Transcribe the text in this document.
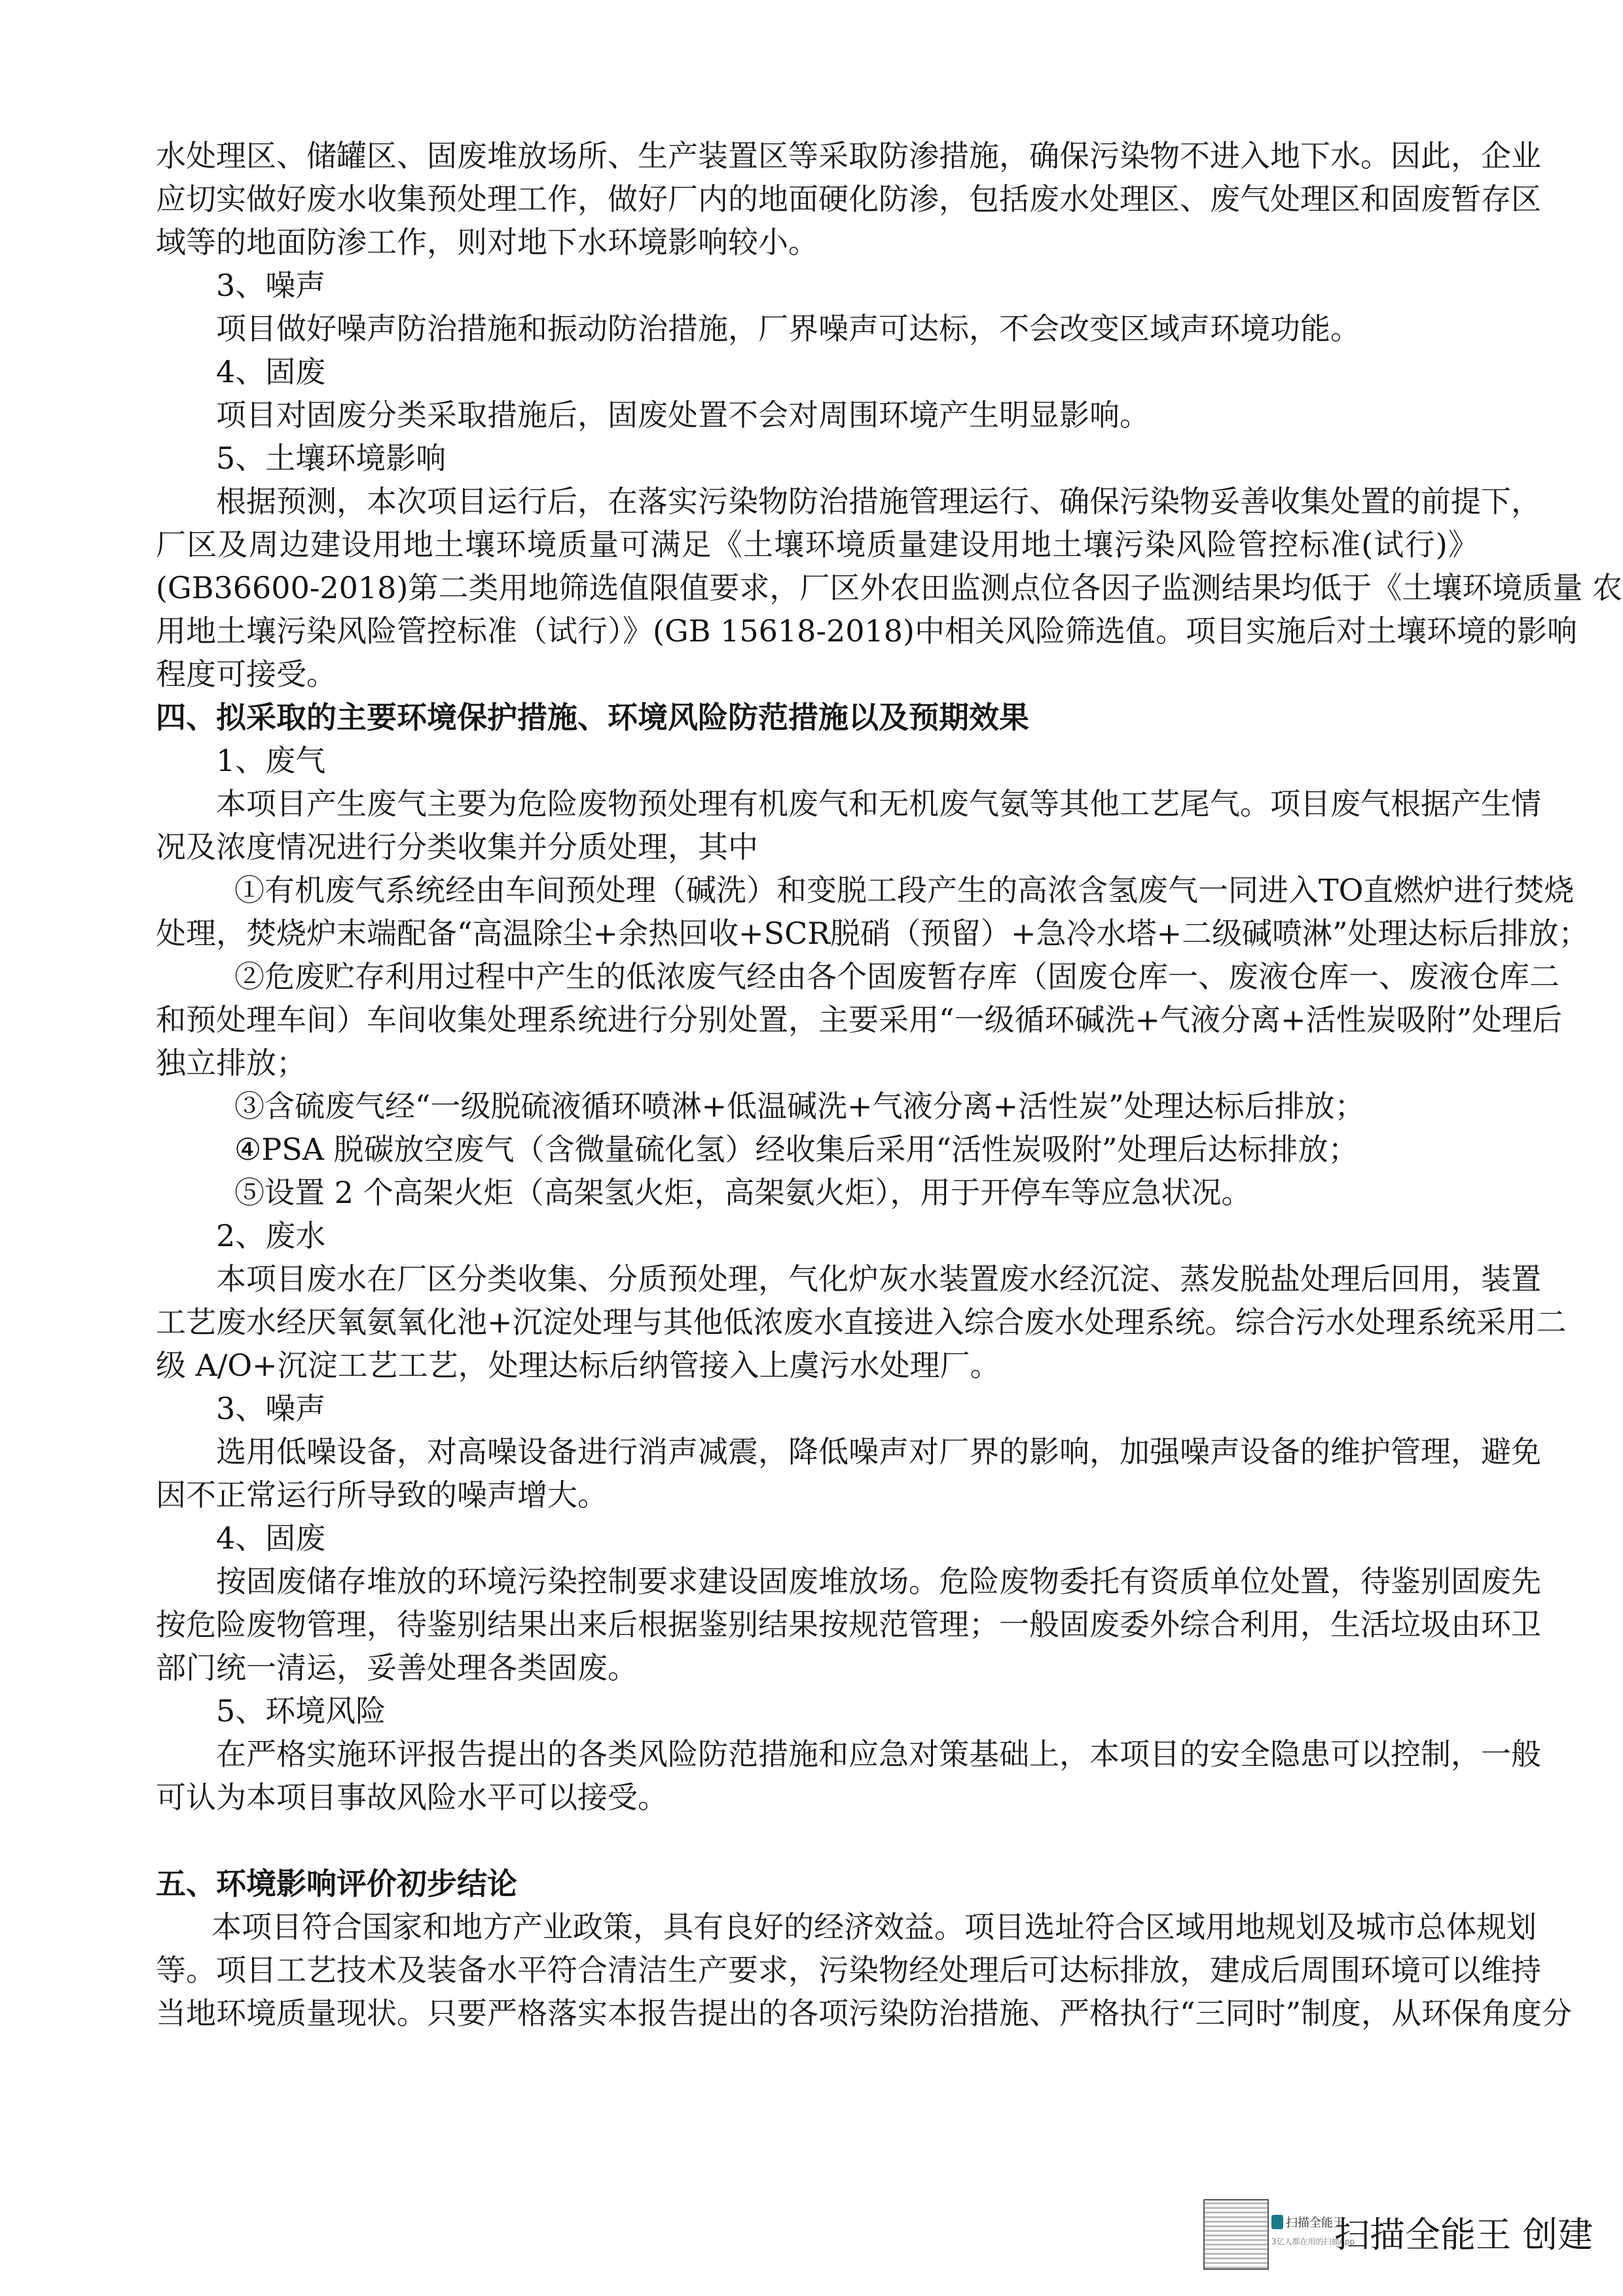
水处理区、储罐区、固废堆放场所、生产装置区等采取防渗措施，确保污染物不进入地下水。因此，企业
应切实做好废水收集预处理工作，做好厂内的地面硬化防渗，包括废水处理区、废气处理区和固废暂存区
域等的地面防渗工作，则对地下水环境影响较小。
3、噪声
项目做好噪声防治措施和振动防治措施，厂界噪声可达标，不会改变区域声环境功能。
4、固废
项目对固废分类采取措施后，固废处置不会对周围环境产生明显影响。
5、土壤环境影响
根据预测，本次项目运行后，在落实污染物防治措施管理运行、确保污染物妥善收集处置的前提下，
厂区及周边建设用地土壤环境质量可满足《土壤环境质量建设用地土壤污染风险管控标准(试行)》
(GB36600-2018)第二类用地筛选值限值要求，厂区外农田监测点位各因子监测结果均低于《土壤环境质量 农
用地土壤污染风险管控标准（试行）》(GB 15618-2018)中相关风险筛选值。项目实施后对土壤环境的影响
程度可接受。
四、拟采取的主要环境保护措施、环境风险防范措施以及预期效果
1、废气
本项目产生废气主要为危险废物预处理有机废气和无机废气氨等其他工艺尾气。项目废气根据产生情
况及浓度情况进行分类收集并分质处理，其中
①有机废气系统经由车间预处理（碱洗）和变脱工段产生的高浓含氢废气一同进入TO直燃炉进行焚烧
处理，焚烧炉末端配备“高温除尘+余热回收+SCR脱硝（预留）+急冷水塔+二级碱喷淋”处理达标后排放；
②危废贮存利用过程中产生的低浓废气经由各个固废暂存库（固废仓库一、废液仓库一、废液仓库二
和预处理车间）车间收集处理系统进行分别处置，主要采用“一级循环碱洗+气液分离+活性炭吸附”处理后
独立排放；
③含硫废气经“一级脱硫液循环喷淋+低温碱洗+气液分离+活性炭”处理达标后排放；
④PSA 脱碳放空废气（含微量硫化氢）经收集后采用“活性炭吸附”处理后达标排放；
⑤设置 2 个高架火炬（高架氢火炬，高架氨火炬），用于开停车等应急状况。
2、废水
本项目废水在厂区分类收集、分质预处理，气化炉灰水装置废水经沉淀、蒸发脱盐处理后回用，装置
工艺废水经厌氧氨氧化池+沉淀处理与其他低浓废水直接进入综合废水处理系统。综合污水处理系统采用二
级 A/O+沉淀工艺工艺，处理达标后纳管接入上虞污水处理厂。
3、噪声
选用低噪设备，对高噪设备进行消声减震，降低噪声对厂界的影响，加强噪声设备的维护管理，避免
因不正常运行所导致的噪声增大。
4、固废
按固废储存堆放的环境污染控制要求建设固废堆放场。危险废物委托有资质单位处置，待鉴别固废先
按危险废物管理，待鉴别结果出来后根据鉴别结果按规范管理；一般固废委外综合利用，生活垃圾由环卫
部门统一清运，妥善处理各类固废。
5、环境风险
在严格实施环评报告提出的各类风险防范措施和应急对策基础上，本项目的安全隐患可以控制，一般
可认为本项目事故风险水平可以接受。
五、环境影响评价初步结论
本项目符合国家和地方产业政策，具有良好的经济效益。项目选址符合区域用地规划及城市总体规划
等。项目工艺技术及装备水平符合清洁生产要求，污染物经处理后可达标排放，建成后周围环境可以维持
当地环境质量现状。只要严格落实本报告提出的各项污染防治措施、严格执行“三同时”制度，从环保角度分
扫描全能王
3亿人都在用的扫描App
扫描全能王 创建
